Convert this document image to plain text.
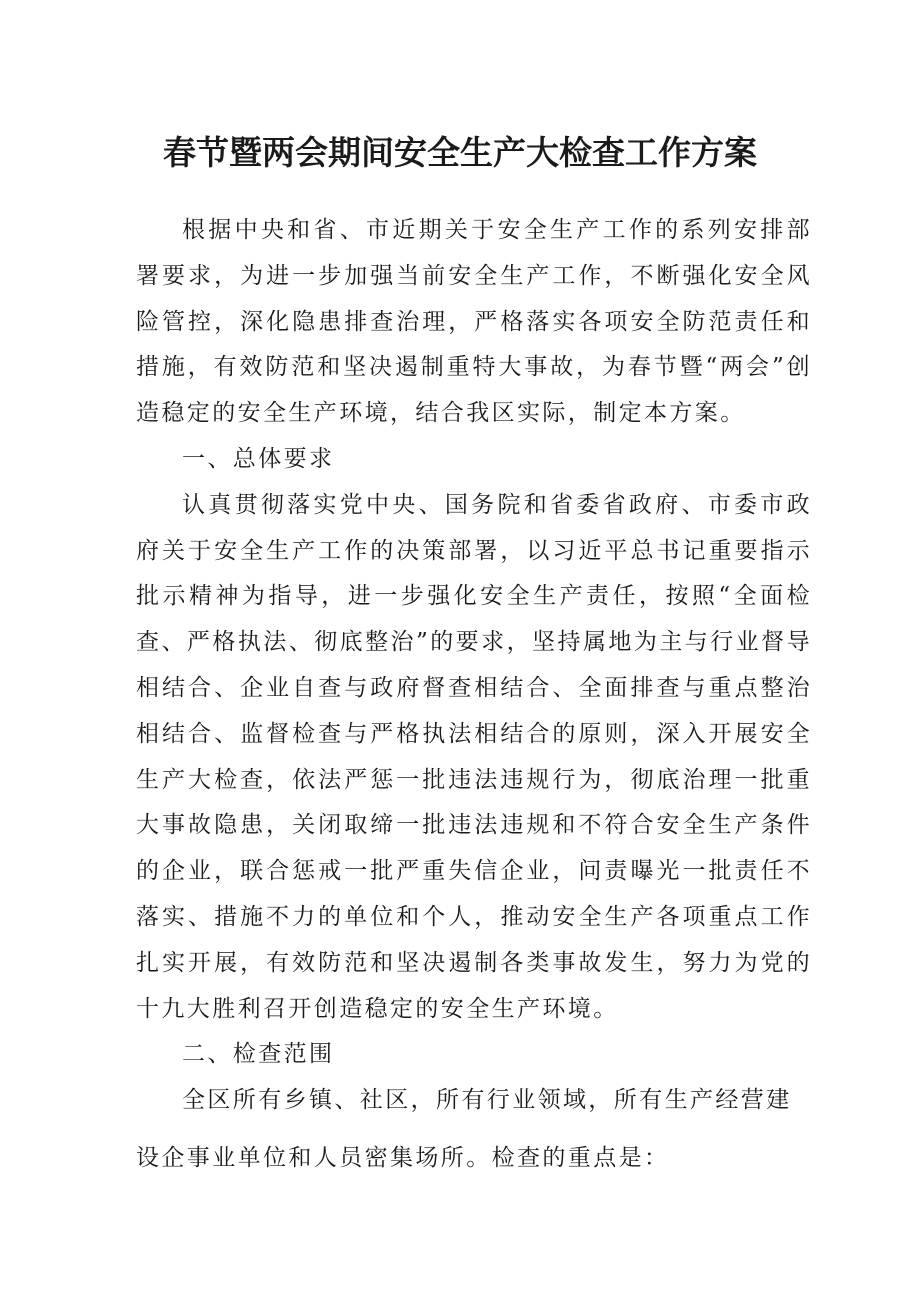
春节暨两会期间安全生产大检查工作方案

根据中央和省、市近期关于安全生产工作的系列安排部署要求，为进一步加强当前安全生产工作，不断强化安全风险管控，深化隐患排查治理，严格落实各项安全防范责任和措施，有效防范和坚决遏制重特大事故，为春节暨“两会”创造稳定的安全生产环境，结合我区实际，制定本方案。

一、总体要求

认真贯彻落实党中央、国务院和省委省政府、市委市政府关于安全生产工作的决策部署，以习近平总书记重要指示批示精神为指导，进一步强化安全生产责任，按照“全面检查、严格执法、彻底整治”的要求，坚持属地为主与行业督导相结合、企业自查与政府督查相结合、全面排查与重点整治相结合、监督检查与严格执法相结合的原则，深入开展安全生产大检查，依法严惩一批违法违规行为，彻底治理一批重大事故隐患，关闭取缔一批违法违规和不符合安全生产条件的企业，联合惩戒一批严重失信企业，问责曝光一批责任不落实、措施不力的单位和个人，推动安全生产各项重点工作扎实开展，有效防范和坚决遏制各类事故发生，努力为党的十九大胜利召开创造稳定的安全生产环境。

二、检查范围

全区所有乡镇、社区，所有行业领域，所有生产经营建

设企事业单位和人员密集场所。检查的重点是：
